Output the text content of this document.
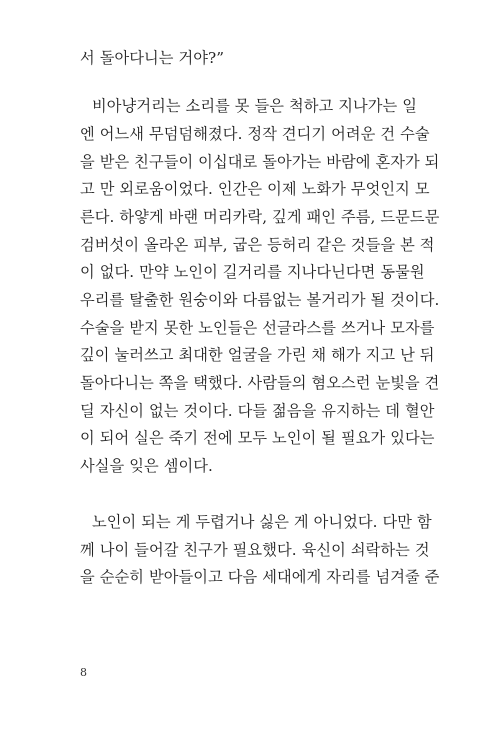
서 돌아다니는 거야?”
비아냥거리는 소리를 못 들은 척하고 지나가는 일
엔 어느새 무덤덤해졌다. 정작 견디기 어려운 건 수술
을 받은 친구들이 이십대로 돌아가는 바람에 혼자가 되
고 만 외로움이었다. 인간은 이제 노화가 무엇인지 모
른다. 하얗게 바랜 머리카락, 깊게 패인 주름, 드문드문
검버섯이 올라온 피부, 굽은 등허리 같은 것들을 본 적
이 없다. 만약 노인이 길거리를 지나다닌다면 동물원
우리를 탈출한 원숭이와 다름없는 볼거리가 될 것이다.
수술을 받지 못한 노인들은 선글라스를 쓰거나 모자를
깊이 눌러쓰고 최대한 얼굴을 가린 채 해가 지고 난 뒤
돌아다니는 쪽을 택했다. 사람들의 혐오스런 눈빛을 견
딜 자신이 없는 것이다. 다들 젊음을 유지하는 데 혈안
이 되어 실은 죽기 전에 모두 노인이 될 필요가 있다는
사실을 잊은 셈이다.
노인이 되는 게 두렵거나 싫은 게 아니었다. 다만 함
께 나이 들어갈 친구가 필요했다. 육신이 쇠락하는 것
을 순순히 받아들이고 다음 세대에게 자리를 넘겨줄 준
8
